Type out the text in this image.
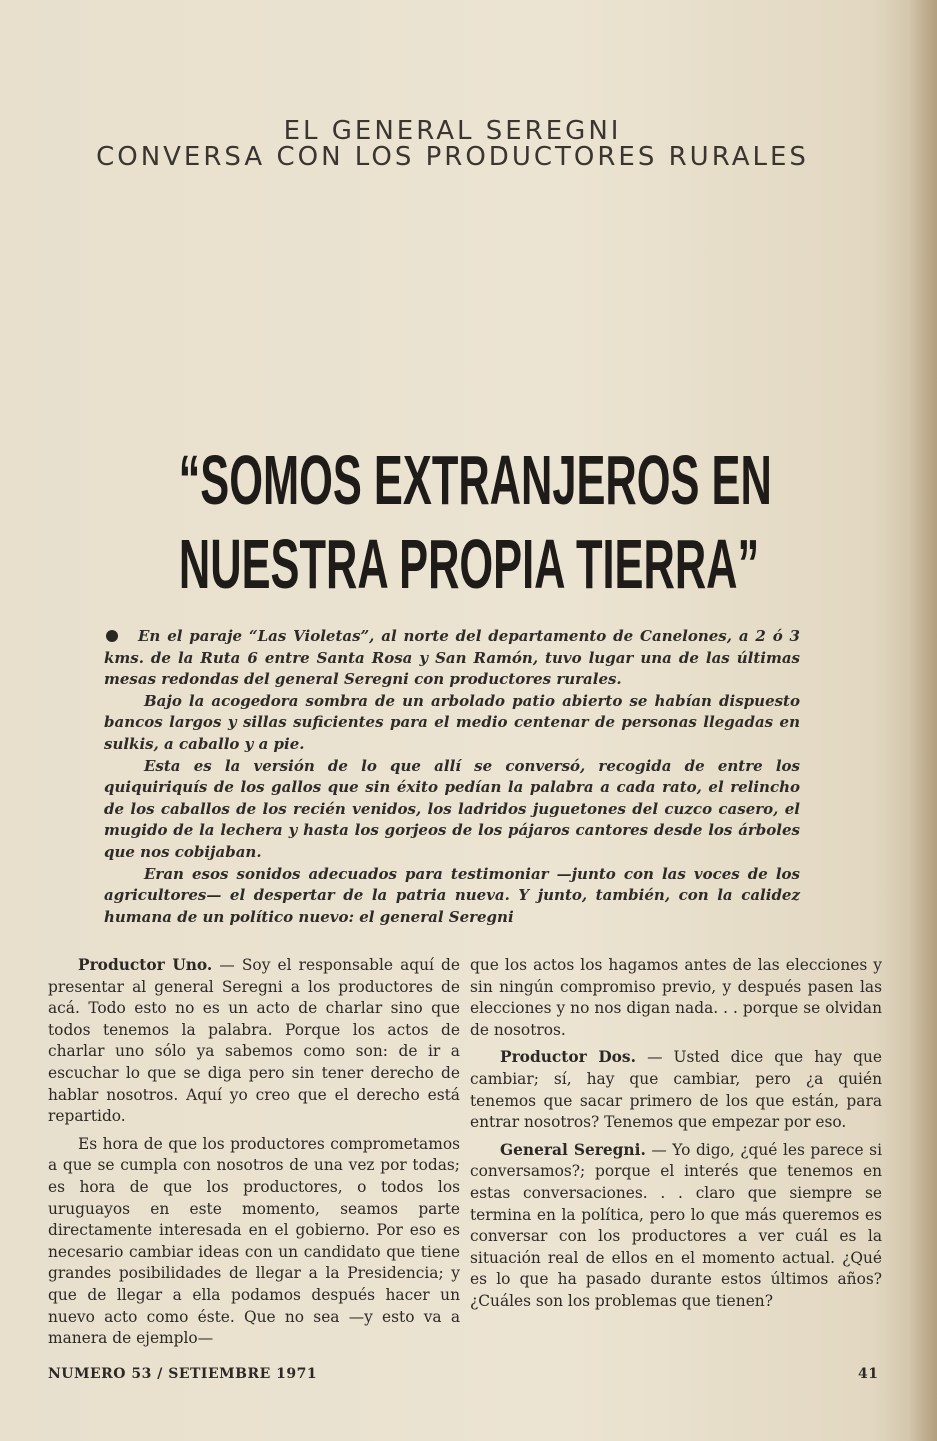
EL GENERAL SEREGNI
CONVERSA CON LOS PRODUCTORES RURALES
“SOMOS EXTRANJEROS EN
NUESTRA PROPIA TIERRA”

En el paraje “Las Violetas”, al norte del departamento de Canelones, a 2 ó 3 kms. de la Ruta 6 entre Santa Rosa y San Ramón, tuvo lugar una de las últimas mesas redondas del general Seregni con productores rurales.

Bajo la acogedora sombra de un arbolado patio abierto se habían dispuesto bancos largos y sillas suficientes para el medio centenar de personas llegadas en sulkis, a caballo y a pie.

Esta es la versión de lo que allí se conversó, recogida de entre los quiquiriquís de los gallos que sin éxito pedían la palabra a cada rato, el relincho de los caballos de los recién venidos, los ladridos juguetones del cuzco casero, el mugido de la lechera y hasta los gorjeos de los pájaros cantores desde los árboles que nos cobijaban.

Eran esos sonidos adecuados para testimoniar —junto con las voces de los agricultores— el despertar de la patria nueva. Y junto, también, con la calidez humana de un político nuevo: el general Seregni

Productor Uno. — Soy el responsable aquí de presentar al general Seregni a los productores de acá. Todo esto no es un acto de charlar sino que todos tenemos la palabra. Porque los actos de charlar uno sólo ya sabemos como son: de ir a escuchar lo que se diga pero sin tener derecho de hablar nosotros. Aquí yo creo que el derecho está repartido.

Es hora de que los productores comprometamos a que se cumpla con nosotros de una vez por todas; es hora de que los productores, o todos los uruguayos en este momento, seamos parte directamente interesada en el gobierno. Por eso es necesario cambiar ideas con un candidato que tiene grandes posibilidades de llegar a la Presidencia; y que de llegar a ella podamos después hacer un nuevo acto como éste. Que no sea —y esto va a manera de ejemplo—

que los actos los hagamos antes de las elecciones y sin ningún compromiso previo, y después pasen las elecciones y no nos digan nada. . . porque se olvidan de nosotros.

Productor Dos. — Usted dice que hay que cambiar; sí, hay que cambiar, pero ¿a quién tenemos que sacar primero de los que están, para entrar nosotros? Tenemos que empezar por eso.

General Seregni. — Yo digo, ¿qué les parece si conversamos?; porque el interés que tenemos en estas conversaciones. . . claro que siempre se termina en la política, pero lo que más queremos es conversar con los productores a ver cuál es la situación real de ellos en el momento actual. ¿Qué es lo que ha pasado durante estos últimos años? ¿Cuáles son los problemas que tienen?

NUMERO 53 / SETIEMBRE 1971	41
